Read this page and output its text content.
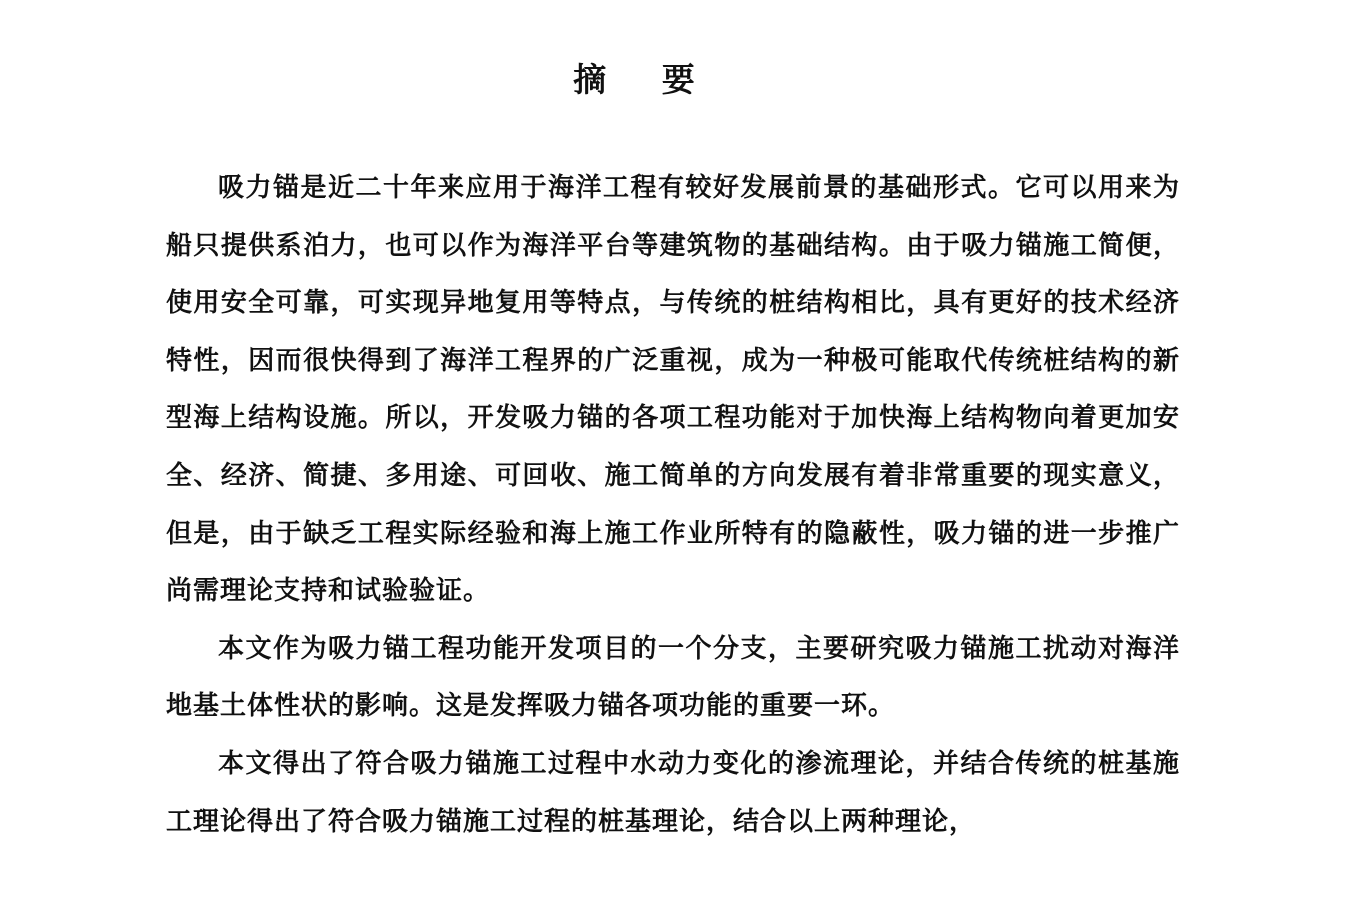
摘 要

吸力锚是近二十年来应用于海洋工程有较好发展前景的基础形式。它可以用来为船只提供系泊力，也可以作为海洋平台等建筑物的基础结构。由于吸力锚施工简便，使用安全可靠，可实现异地复用等特点，与传统的桩结构相比，具有更好的技术经济特性，因而很快得到了海洋工程界的广泛重视，成为一种极可能取代传统桩结构的新型海上结构设施。所以，开发吸力锚的各项工程功能对于加快海上结构物向着更加安全、经济、简捷、多用途、可回收、施工简单的方向发展有着非常重要的现实意义，但是，由于缺乏工程实际经验和海上施工作业所特有的隐蔽性，吸力锚的进一步推广尚需理论支持和试验验证。

本文作为吸力锚工程功能开发项目的一个分支，主要研究吸力锚施工扰动对海洋地基土体性状的影响。这是发挥吸力锚各项功能的重要一环。

本文得出了符合吸力锚施工过程中水动力变化的渗流理论，并结合传统的桩基施工理论得出了符合吸力锚施工过程的桩基理论，结合以上两种理论，
